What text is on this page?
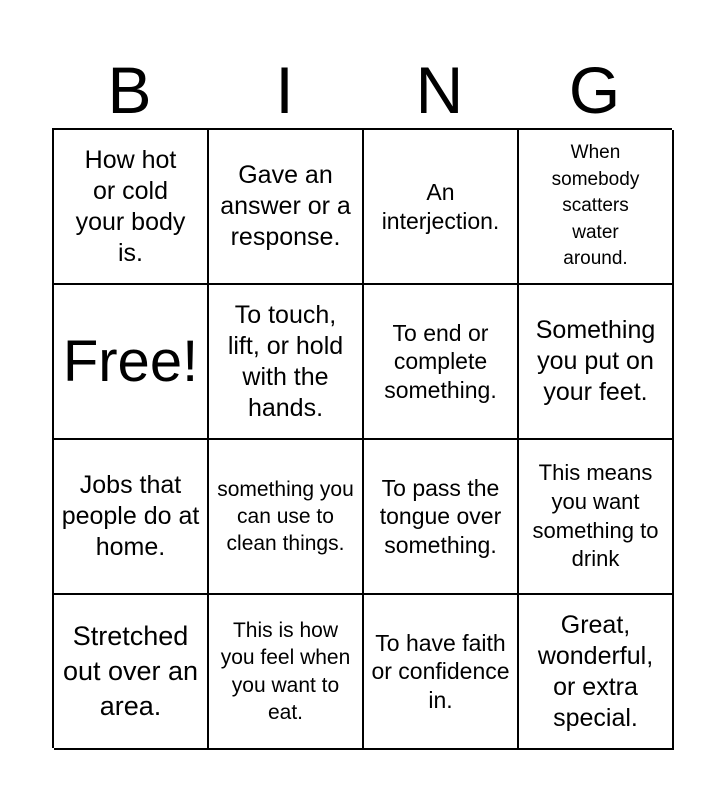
B	I	N	G
How hot or cold your body is.
Gave an answer or a response.
An interjection.
When somebody scatters water around.
Free!
To touch, lift, or hold with the hands.
To end or complete something.
Something you put on your feet.
Jobs that people do at home.
something you can use to clean things.
To pass the tongue over something.
This means you want something to drink
Stretched out over an area.
This is how you feel when you want to eat.
To have faith or confidence in.
Great, wonderful, or extra special.
